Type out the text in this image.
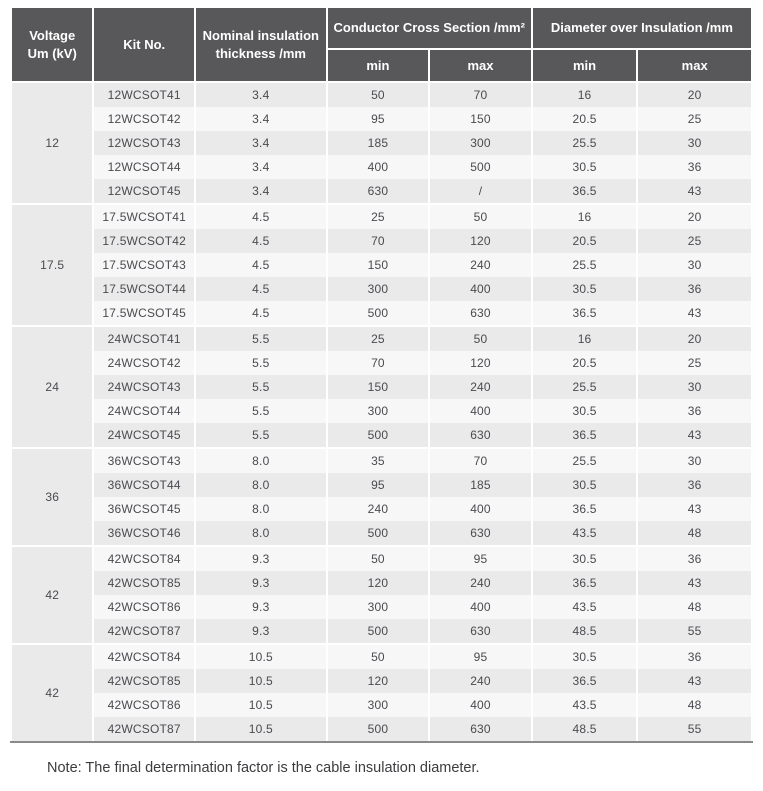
Voltage
Um (kV)	Kit No.	Nominal insulation
thickness /mm	Conductor Cross Section /mm²		Diameter over Insulation /mm	
			min	max	min	max
12	12WCSOT41	3.4	50	70	16	20
	12WCSOT42	3.4	95	150	20.5	25
	12WCSOT43	3.4	185	300	25.5	30
	12WCSOT44	3.4	400	500	30.5	36
	12WCSOT45	3.4	630	/	36.5	43
17.5	17.5WCSOT41	4.5	25	50	16	20
	17.5WCSOT42	4.5	70	120	20.5	25
	17.5WCSOT43	4.5	150	240	25.5	30
	17.5WCSOT44	4.5	300	400	30.5	36
	17.5WCSOT45	4.5	500	630	36.5	43
24	24WCSOT41	5.5	25	50	16	20
	24WCSOT42	5.5	70	120	20.5	25
	24WCSOT43	5.5	150	240	25.5	30
	24WCSOT44	5.5	300	400	30.5	36
	24WCSOT45	5.5	500	630	36.5	43
36	36WCSOT43	8.0	35	70	25.5	30
	36WCSOT44	8.0	95	185	30.5	36
	36WCSOT45	8.0	240	400	36.5	43
	36WCSOT46	8.0	500	630	43.5	48
42	42WCSOT84	9.3	50	95	30.5	36
	42WCSOT85	9.3	120	240	36.5	43
	42WCSOT86	9.3	300	400	43.5	48
	42WCSOT87	9.3	500	630	48.5	55
42	42WCSOT84	10.5	50	95	30.5	36
	42WCSOT85	10.5	120	240	36.5	43
	42WCSOT86	10.5	300	400	43.5	48
	42WCSOT87	10.5	500	630	48.5	55

Note: The final determination factor is the cable insulation diameter.
